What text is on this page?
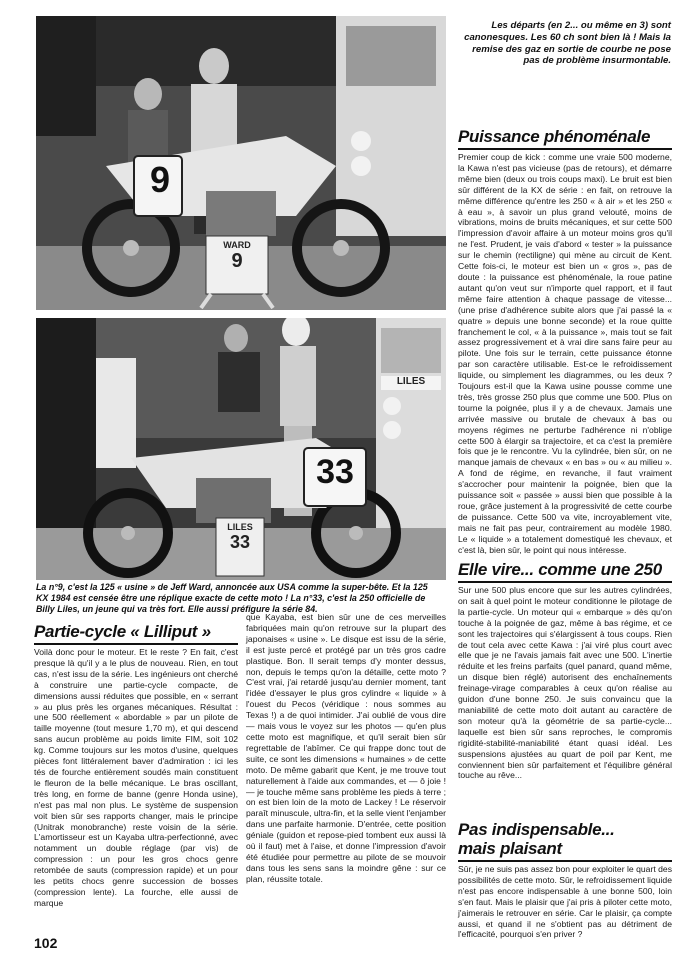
9
WARD
9
33
LILES
33
LILES
Les départs (en 2... ou même en 3) sont canonesques. Les 60 ch sont bien là ! Mais la remise des gaz en sortie de courbe ne pose pas de problème insurmontable.
Puissance phénoménale
Premier coup de kick : comme une vraie 500 moderne, la Kawa n'est pas vicieuse (pas de retours), et démarre même bien (deux ou trois coups maxi). Le bruit est bien sûr différent de la KX de série : en fait, on retrouve la même différence qu'entre les 250 « à air » et les 250 « à eau », à savoir un plus grand velouté, moins de vibrations, moins de bruits mécaniques, et sur cette 500 l'impression d'avoir affaire à un moteur moins gros qu'il ne l'est. Prudent, je vais d'abord « tester » la puissance sur le chemin (rectiligne) qui mène au circuit de Kent. Cette fois-ci, le moteur est bien un « gros », pas de doute : la puissance est phénoménale, la roue patine autant qu'on veut sur n'importe quel rapport, et il faut même faire attention à chaque passage de vitesse... (une prise d'adhérence subite alors que j'ai passé la « quatre » depuis une bonne seconde) et la roue quitte franchement le col, « à la puissance », mais tout se fait assez progressivement et à vrai dire sans faire peur au pilote. Une fois sur le terrain, cette puissance étonne par son caractère utilisable. Est-ce le refroidissement liquide, ou simplement les diagrammes, ou les deux ? Toujours est-il que la Kawa usine pousse comme une très, très grosse 250 plus que comme une 500. Plus on tourne la poignée, plus il y a de chevaux. Jamais une arrivée massive ou brutale de chevaux à bas ou moyens régimes ne perturbe l'adhérence ni n'oblige cette 500 à élargir sa trajectoire, et ca c'est la première fois que je le rencontre. Vu la cylindrée, bien sûr, on ne manque jamais de chevaux « en bas » ou « au milieu ». A fond de régime, en revanche, il faut vraiment s'accrocher pour maintenir la poignée, bien que la puissance soit « passée » aussi bien que possible à la roue, grâce justement à la progressivité de cette courbe de puissance. Cette 500 va vite, incroyablement vite, mais ne fait pas peur, contrairement au modèle 1980. Le « liquide » a totalement domestiqué les chevaux, et c'est là, bien sûr, le point qui nous intéresse.
Elle vire... comme une 250
Sur une 500 plus encore que sur les autres cylindrées, on sait à quel point le moteur conditionne le pilotage de la partie-cycle. Un moteur qui « embarque » dès qu'on touche à la poignée de gaz, même à bas régime, et ce sont les trajectoires qui s'élargissent à tous coups. Rien de tout cela avec cette Kawa : j'ai viré plus court avec elle que je ne l'avais jamais fait avec une 500. L'inertie réduite et les freins parfaits (quel panard, quand même, un disque bien réglé) autorisent des enchaînements freinage-virage comparables à ceux qu'on réalise au guidon d'une bonne 250. Je suis convaincu que la maniabilité de cette moto doit autant au caractère de son moteur qu'à la géométrie de sa partie-cycle... laquelle est bien sûr sans reproches, le compromis rigidité-stabilité-maniabilité étant quasi idéal. Les suspensions ajustées au quart de poil par Kent, me conviennent bien sûr parfaitement et l'équilibre général touche au rêve...
Pas indispensable...
mais plaisant
Sûr, je ne suis pas assez bon pour exploiter le quart des possibilités de cette moto. Sûr, le refroidissement liquide n'est pas encore indispensable à une bonne 500, loin s'en faut. Mais le plaisir que j'ai pris à piloter cette moto, j'aimerais le retrouver en série. Car le plaisir, ça compte aussi, et quand il ne s'obtient pas au détriment de l'efficacité, pourquoi s'en priver ?
La n°9, c'est la 125 « usine » de Jeff Ward, annoncée aux USA comme la super-bête. Et la 125 KX 1984 est censée être une réplique exacte de cette moto ! La n°33, c'est la 250 officielle de Billy Liles, un jeune qui va très fort. Elle aussi préfigure la série 84.
Partie-cycle « Lilliput »
Voilà donc pour le moteur. Et le reste ? En fait, c'est presque là qu'il y a le plus de nouveau. Rien, en tout cas, n'est issu de la série. Les ingénieurs ont cherché à construire une partie-cycle compacte, de dimensions aussi réduites que possible, en « serrant » au plus près les organes mécaniques. Résultat : une 500 réellement « abordable » par un pilote de taille moyenne (tout mesure 1,70 m), et qui descend sans aucun problème au poids limite FIM, soit 102 kg. Comme toujours sur les motos d'usine, quelques pièces font littéralement baver d'admiration : ici les tés de fourche entièrement soudés main constituent le fleuron de la belle mécanique. Le bras oscillant, très long, en forme de banne (genre Honda usine), n'est pas mal non plus. Le système de suspension voit bien sûr ses rapports changer, mais le principe (Unitrak monobranche) reste voisin de la série. L'amortisseur est un Kayaba ultra-perfectionné, avec notamment un double réglage (par vis) de compression : un pour les gros chocs genre retombée de sauts (compression rapide) et un pour les petits chocs genre succession de bosses (compression lente). La fourche, elle aussi de marque
que Kayaba, est bien sûr une de ces merveilles fabriquées main qu'on retrouve sur la plupart des japonaises « usine ». Le disque est issu de la série, il est juste percé et protégé par un très gros cadre plastique. Bon. Il serait temps d'y monter dessus, non, depuis le temps qu'on la détaille, cette moto ? C'est vrai, j'ai retardé jusqu'au dernier moment, tant l'idée d'essayer le plus gros cylindre « liquide » à l'ouest du Pecos (véridique : nous sommes au Texas !) a de quoi intimider. J'ai oublié de vous dire — mais vous le voyez sur les photos — qu'en plus cette moto est magnifique, et qu'il serait bien sûr regrettable de l'abîmer. Ce qui frappe donc tout de suite, ce sont les dimensions « humaines » de cette moto. De même gabarit que Kent, je me trouve tout naturellement à l'aide aux commandes, et — ô joie ! — je touche même sans problème les pieds à terre ; on est bien loin de la moto de Lackey ! Le réservoir paraît minuscule, ultra-fin, et la selle vient l'enjamber dans une parfaite harmonie. D'entrée, cette position géniale (guidon et repose-pied tombent eux aussi là où il faut) met à l'aise, et donne l'impression d'avoir été étudiée pour permettre au pilote de se mouvoir dans tous les sens sans la moindre gêne : sur ce plan, réussite totale.
102
